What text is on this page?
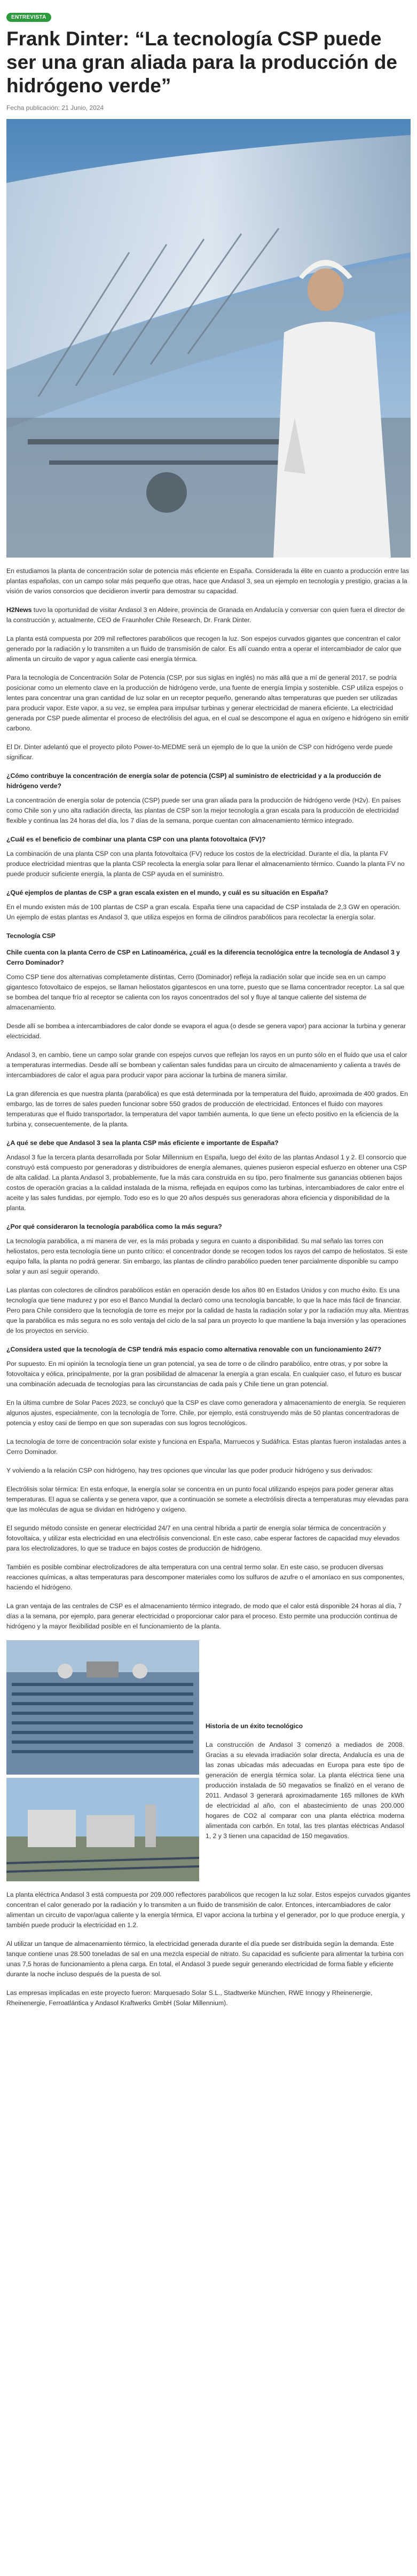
ENTREVISTA
Frank Dinter: “La tecnología CSP puede ser una gran aliada para la producción de hidrógeno verde”
Fecha publicación: 21 Junio, 2024

En estudiamos la planta de concentración solar de potencia más eficiente en España. Considerada la élite en cuanto a producción entre las plantas españolas, con un campo solar más pequeño que otras, hace que Andasol 3, sea un ejemplo en tecnología y prestigio, gracias a la visión de varios consorcios que decidieron invertir para demostrar su capacidad.

H2News tuvo la oportunidad de visitar Andasol 3 en Aldeire, provincia de Granada en Andalucía y conversar con quien fuera el director de la construcción y, actualmente, CEO de Fraunhofer Chile Research, Dr. Frank Dinter.

La planta está compuesta por 209 mil reflectores parabólicos que recogen la luz. Son espejos curvados gigantes que concentran el calor generado por la radiación y lo transmiten a un fluido de transmisión de calor. Es allí cuando entra a operar el intercambiador de calor que alimenta un circuito de vapor y agua caliente casi energía térmica.

Para la tecnología de Concentración Solar de Potencia (CSP, por sus siglas en inglés) no más allá que a mí de general 2017, se podría posicionar como un elemento clave en la producción de hidrógeno verde, una fuente de energía limpia y sostenible. CSP utiliza espejos o lentes para concentrar una gran cantidad de luz solar en un receptor pequeño, generando altas temperaturas que pueden ser utilizadas para producir vapor. Este vapor, a su vez, se emplea para impulsar turbinas y generar electricidad de manera eficiente. La electricidad generada por CSP puede alimentar el proceso de electrólisis del agua, en el cual se descompone el agua en oxígeno e hidrógeno sin emitir carbono.

El Dr. Dinter adelantó que el proyecto piloto Power-to-MEDME será un ejemplo de lo que la unión de CSP con hidrógeno verde puede significar.

¿Cómo contribuye la concentración de energía solar de potencia (CSP) al suministro de electricidad y a la producción de hidrógeno verde?

La concentración de energía solar de potencia (CSP) puede ser una gran aliada para la producción de hidrógeno verde (H2v). En países como Chile son y uno alta radiación directa, las plantas de CSP son la mejor tecnología a gran escala para la producción de electricidad flexible y continua las 24 horas del día, los 7 días de la semana, porque cuentan con almacenamiento térmico integrado.

¿Cuál es el beneficio de combinar una planta CSP con una planta fotovoltaica (FV)?

La combinación de una planta CSP con una planta fotovoltaica (FV) reduce los costos de la electricidad. Durante el día, la planta FV produce electricidad mientras que la planta CSP recolecta la energía solar para llenar el almacenamiento térmico. Cuando la planta FV no puede producir suficiente energía, la planta de CSP ayuda en el suministro.

¿Qué ejemplos de plantas de CSP a gran escala existen en el mundo, y cuál es su situación en España?

En el mundo existen más de 100 plantas de CSP a gran escala. España tiene una capacidad de CSP instalada de 2,3 GW en operación. Un ejemplo de estas plantas es Andasol 3, que utiliza espejos en forma de cilindros parabólicos para recolectar la energía solar.

Tecnología CSP

Chile cuenta con la planta Cerro de CSP en Latinoamérica, ¿cuál es la diferencia tecnológica entre la tecnología de Andasol 3 y Cerro Dominador?

Como CSP tiene dos alternativas completamente distintas, Cerro (Dominador) refleja la radiación solar que incide sea en un campo gigantesco fotovoltaico de espejos, se llaman heliostatos gigantescos en una torre, puesto que se llama concentrador receptor. La sal que se bombea del tanque frío al receptor se calienta con los rayos concentrados del sol y fluye al tanque caliente del sistema de almacenamiento.

Desde allí se bombea a intercambiadores de calor donde se evapora el agua (o desde se genera vapor) para accionar la turbina y generar electricidad.

Andasol 3, en cambio, tiene un campo solar grande con espejos curvos que reflejan los rayos en un punto sólo en el fluido que usa el calor a temperaturas intermedias. Desde allí se bombean y calientan sales fundidas para un circuito de almacenamiento y calienta a través de intercambiadores de calor el agua para producir vapor para accionar la turbina de manera similar.

La gran diferencia es que nuestra planta (parabólica) es que está determinada por la temperatura del fluido, aproximada de 400 grados. En embargo, las de torres de sales pueden funcionar sobre 550 grados de producción de electricidad. Entonces el fluido con mayores temperaturas que el fluido transportador, la temperatura del vapor también aumenta, lo que tiene un efecto positivo en la eficiencia de la turbina y, consecuentemente, de la planta.

¿A qué se debe que Andasol 3 sea la planta CSP más eficiente e importante de España?

Andasol 3 fue la tercera planta desarrollada por Solar Millennium en España, luego del éxito de las plantas Andasol 1 y 2. El consorcio que construyó está compuesto por generadoras y distribuidores de energía alemanes, quienes pusieron especial esfuerzo en obtener una CSP de alta calidad. La planta Andasol 3, probablemente, fue la más cara construida en su tipo, pero finalmente sus ganancias obtienen bajos costos de operación gracias a la calidad instalada de la misma, reflejada en equipos como las turbinas, intercambiadores de calor entre el aceite y las sales fundidas, por ejemplo. Todo eso es lo que 20 años después sus generadoras ahora eficiencia y disponibilidad de la planta.

¿Por qué consideraron la tecnología parabólica como la más segura?

La tecnología parabólica, a mi manera de ver, es la más probada y segura en cuanto a disponibilidad. Su mal señalo las torres con heliostatos, pero esta tecnología tiene un punto crítico: el concentrador donde se recogen todos los rayos del campo de heliostatos. Si este equipo falla, la planta no podrá generar. Sin embargo, las plantas de cilindro parabólico pueden tener parcialmente disponible su campo solar y aun así seguir operando.

Las plantas con colectores de cilindros parabólicos están en operación desde los años 80 en Estados Unidos y con mucho éxito. Es una tecnología que tiene madurez y por eso el Banco Mundial la declaró como una tecnología bancable, lo que la hace más fácil de financiar. Pero para Chile considero que la tecnología de torre es mejor por la calidad de hasta la radiación solar y por la radiación muy alta. Mientras que la parabólica es más segura no es solo ventaja del ciclo de la sal para un proyecto lo que mantiene la baja inversión y las operaciones de los proyectos en servicio.

¿Considera usted que la tecnología de CSP tendrá más espacio como alternativa renovable con un funcionamiento 24/7?

Por supuesto. En mi opinión la tecnología tiene un gran potencial, ya sea de torre o de cilindro parabólico, entre otras, y por sobre la fotovoltaica y eólica, principalmente, por la gran posibilidad de almacenar la energía a gran escala. En cualquier caso, el futuro es buscar una combinación adecuada de tecnologías para las circunstancias de cada país y Chile tiene un gran potencial.

En la última cumbre de Solar Paces 2023, se concluyó que la CSP es clave como generadora y almacenamiento de energía. Se requieren algunos ajustes, especialmente, con la tecnología de Torre. Chile, por ejemplo, está construyendo más de 50 plantas concentradoras de potencia y estoy casi de tiempo en que son superadas con sus logros tecnológicos.

La tecnología de torre de concentración solar existe y funciona en España, Marruecos y Sudáfrica. Estas plantas fueron instaladas antes a Cerro Dominador.

Y volviendo a la relación CSP con hidrógeno, hay tres opciones que vincular las que poder producir hidrógeno y sus derivados:

Electrólisis solar térmica: En esta enfoque, la energía solar se concentra en un punto focal utilizando espejos para poder generar altas temperaturas. El agua se calienta y se genera vapor, que a continuación se somete a electrólisis directa a temperaturas muy elevadas para que las moléculas de agua se dividan en hidrógeno y oxígeno.

El segundo método consiste en generar electricidad 24/7 en una central híbrida a partir de energía solar térmica de concentración y fotovoltaica, y utilizar esta electricidad en una electrólisis convencional. En este caso, cabe esperar factores de capacidad muy elevados para los electrolizadores, lo que se traduce en bajos costes de producción de hidrógeno.

También es posible combinar electrolizadores de alta temperatura con una central termo solar. En este caso, se producen diversas reacciones químicas, a altas temperaturas para descomponer materiales como los sulfuros de azufre o el amoníaco en sus componentes, haciendo el hidrógeno.

La gran ventaja de las centrales de CSP es el almacenamiento térmico integrado, de modo que el calor está disponible 24 horas al día, 7 días a la semana, por ejemplo, para generar electricidad o proporcionar calor para el proceso. Esto permite una producción continua de hidrógeno y la mayor flexibilidad posible en el funcionamiento de la planta.

Historia de un éxito tecnológico

La construcción de Andasol 3 comenzó a mediados de 2008. Gracias a su elevada irradiación solar directa, Andalucía es una de las zonas ubicadas más adecuadas en Europa para este tipo de generación de energía térmica solar. La planta eléctrica tiene una producción instalada de 50 megavatios se finalizó en el verano de 2011. Andasol 3 generará aproximadamente 165 millones de kWh de electricidad al año, con el abastecimiento de unas 200.000 hogares de CO2 al comparar con una planta eléctrica moderna alimentada con carbón. En total, las tres plantas eléctricas Andasol 1, 2 y 3 tienen una capacidad de 150 megavatios.

La planta eléctrica Andasol 3 está compuesta por 209.000 reflectores parabólicos que recogen la luz solar. Estos espejos curvados gigantes concentran el calor generado por la radiación y lo transmiten a un fluido de transmisión de calor. Entonces, intercambiadores de calor alimentan un circuito de vapor/agua caliente y la energía térmica. El vapor acciona la turbina y el generador, por lo que produce energía, y también puede producir la electricidad en 1.2.

Al utilizar un tanque de almacenamiento térmico, la electricidad generada durante el día puede ser distribuida según la demanda. Este tanque contiene unas 28.500 toneladas de sal en una mezcla especial de nitrato. Su capacidad es suficiente para alimentar la turbina con unas 7,5 horas de funcionamiento a plena carga. En total, el Andasol 3 puede seguir generando electricidad de forma fiable y eficiente durante la noche incluso después de la puesta de sol.

Las empresas implicadas en este proyecto fueron: Marquesado Solar S.L., Stadtwerke München, RWE Innogy y Rheinenergie, Rheinenergie, Ferroatlántica y Andasol Kraftwerks GmbH (Solar Millennium).
